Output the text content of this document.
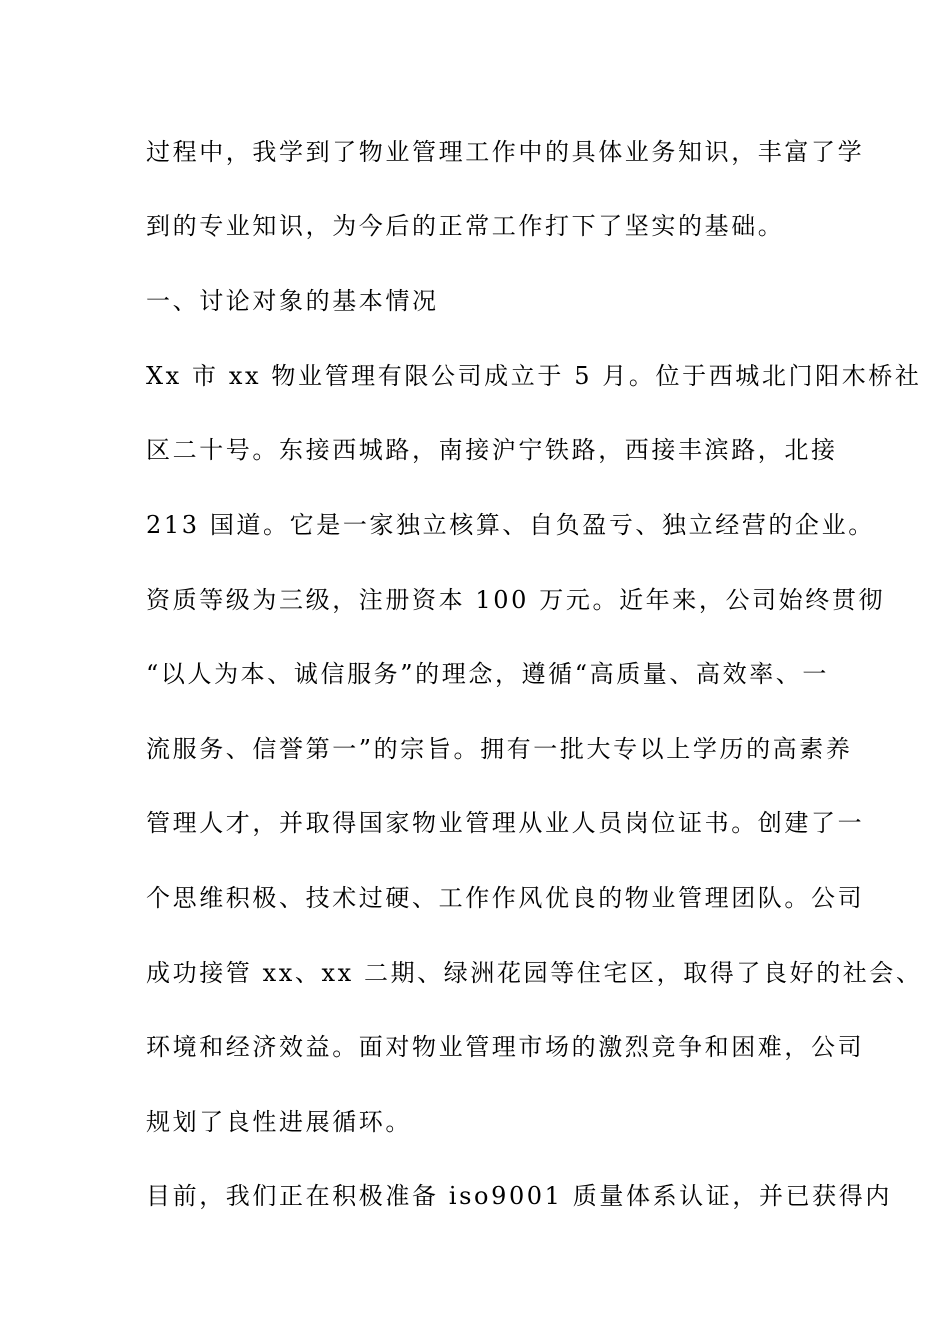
过程中，我学到了物业管理工作中的具体业务知识，丰富了学
到的专业知识，为今后的正常工作打下了坚实的基础。
一、讨论对象的基本情况
Xx 市 xx 物业管理有限公司成立于 5 月。位于西城北门阳木桥社
区二十号。东接西城路，南接沪宁铁路，西接丰滨路，北接
213 国道。它是一家独立核算、自负盈亏、独立经营的企业。
资质等级为三级，注册资本 100 万元。近年来，公司始终贯彻
“以人为本、诚信服务”的理念，遵循“高质量、高效率、一
流服务、信誉第一”的宗旨。拥有一批大专以上学历的高素养
管理人才，并取得国家物业管理从业人员岗位证书。创建了一
个思维积极、技术过硬、工作作风优良的物业管理团队。公司
成功接管 xx、xx 二期、绿洲花园等住宅区，取得了良好的社会、
环境和经济效益。面对物业管理市场的激烈竞争和困难，公司
规划了良性进展循环。
目前，我们正在积极准备 iso9001 质量体系认证，并已获得内
